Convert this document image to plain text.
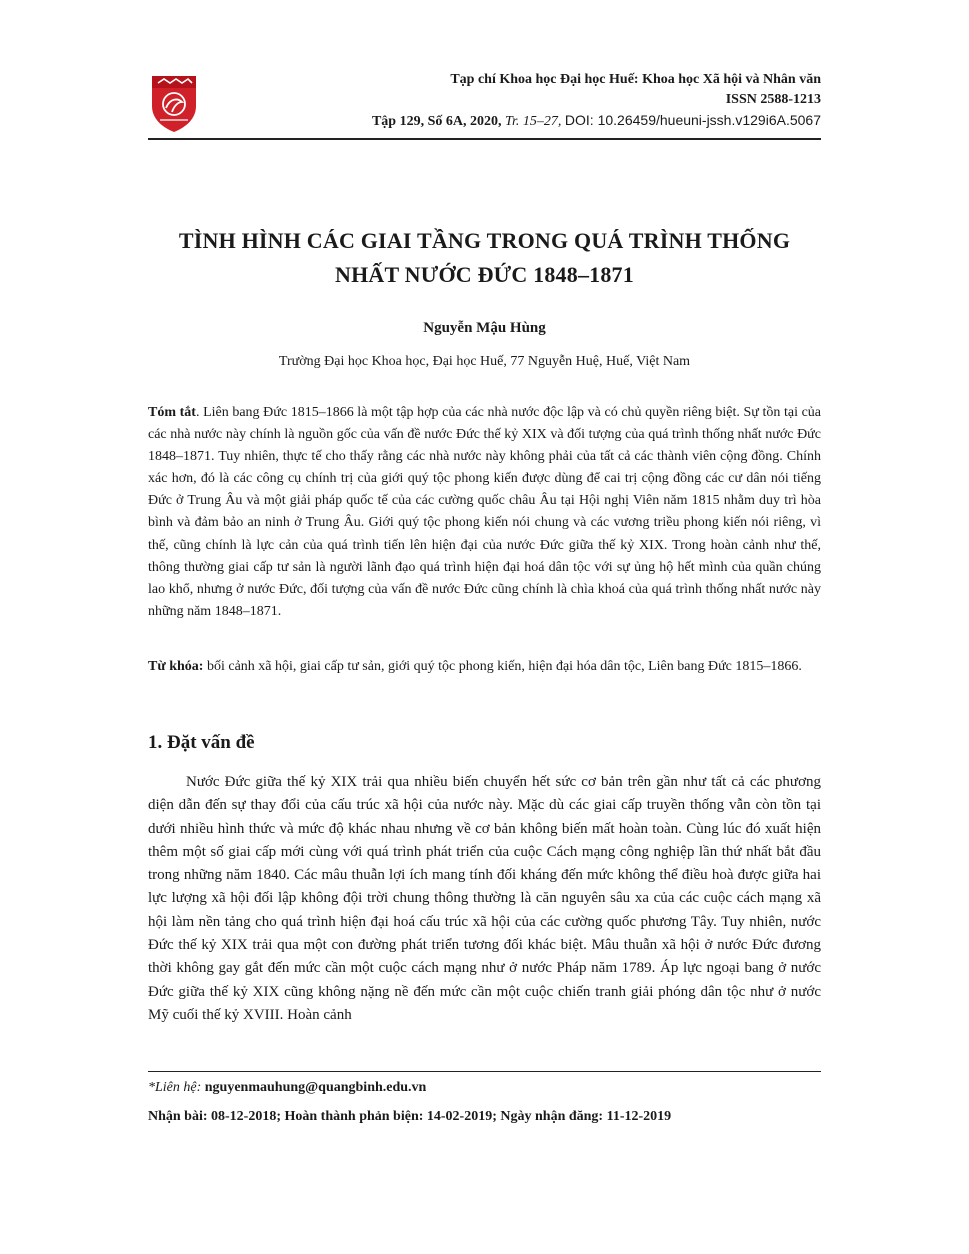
Tạp chí Khoa học Đại học Huế: Khoa học Xã hội và Nhân văn
ISSN 2588-1213
Tập 129, Số 6A, 2020, Tr. 15–27, DOI: 10.26459/hueuni-jssh.v129i6A.5067
TÌNH HÌNH CÁC GIAI TẦNG TRONG QUÁ TRÌNH THỐNG
NHẤT NƯỚC ĐỨC 1848–1871
Nguyễn Mậu Hùng
Trường Đại học Khoa học, Đại học Huế, 77 Nguyễn Huệ, Huế, Việt Nam
Tóm tắt. Liên bang Đức 1815–1866 là một tập hợp của các nhà nước độc lập và có chủ quyền riêng biệt. Sự tồn tại của các nhà nước này chính là nguồn gốc của vấn đề nước Đức thế kỷ XIX và đối tượng của quá trình thống nhất nước Đức 1848–1871. Tuy nhiên, thực tế cho thấy rằng các nhà nước này không phải của tất cả các thành viên cộng đồng. Chính xác hơn, đó là các công cụ chính trị của giới quý tộc phong kiến được dùng để cai trị cộng đồng các cư dân nói tiếng Đức ở Trung Âu và một giải pháp quốc tế của các cường quốc châu Âu tại Hội nghị Viên năm 1815 nhằm duy trì hòa bình và đảm bảo an ninh ở Trung Âu. Giới quý tộc phong kiến nói chung và các vương triều phong kiến nói riêng, vì thế, cũng chính là lực cản của quá trình tiến lên hiện đại của nước Đức giữa thế kỷ XIX. Trong hoàn cảnh như thế, thông thường giai cấp tư sản là người lãnh đạo quá trình hiện đại hoá dân tộc với sự ủng hộ hết mình của quần chúng lao khổ, nhưng ở nước Đức, đối tượng của vấn đề nước Đức cũng chính là chìa khoá của quá trình thống nhất nước này những năm 1848–1871.
Từ khóa: bối cảnh xã hội, giai cấp tư sản, giới quý tộc phong kiến, hiện đại hóa dân tộc, Liên bang Đức 1815–1866.
1. Đặt vấn đề
Nước Đức giữa thế kỷ XIX trải qua nhiều biến chuyển hết sức cơ bản trên gần như tất cả các phương diện dẫn đến sự thay đổi của cấu trúc xã hội của nước này. Mặc dù các giai cấp truyền thống vẫn còn tồn tại dưới nhiều hình thức và mức độ khác nhau nhưng về cơ bản không biến mất hoàn toàn. Cùng lúc đó xuất hiện thêm một số giai cấp mới cùng với quá trình phát triển của cuộc Cách mạng công nghiệp lần thứ nhất bắt đầu trong những năm 1840. Các mâu thuẫn lợi ích mang tính đối kháng đến mức không thể điều hoà được giữa hai lực lượng xã hội đối lập không đội trời chung thông thường là căn nguyên sâu xa của các cuộc cách mạng xã hội làm nền tảng cho quá trình hiện đại hoá cấu trúc xã hội của các cường quốc phương Tây. Tuy nhiên, nước Đức thế kỷ XIX trải qua một con đường phát triển tương đối khác biệt. Mâu thuẫn xã hội ở nước Đức đương thời không gay gắt đến mức cần một cuộc cách mạng như ở nước Pháp năm 1789. Áp lực ngoại bang ở nước Đức giữa thế kỷ XIX cũng không nặng nề đến mức cần một cuộc chiến tranh giải phóng dân tộc như ở nước Mỹ cuối thế kỷ XVIII. Hoàn cảnh
*Liên hệ: nguyenmauhung@quangbinh.edu.vn
Nhận bài: 08-12-2018; Hoàn thành phản biện: 14-02-2019; Ngày nhận đăng: 11-12-2019
